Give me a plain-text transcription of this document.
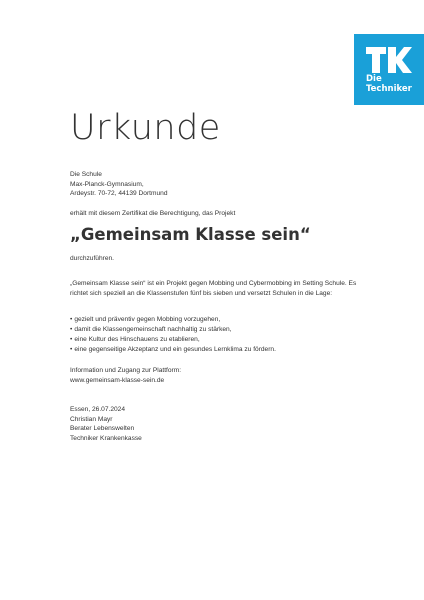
Die
Techniker
Urkunde

Die Schule

Max-Planck-Gymnasium,

Ardeystr. 70-72, 44139 Dortmund

erhält mit diesem Zertifikat die Berechtigung, das Projekt

„Gemeinsam Klasse sein“

durchzuführen.

„Gemeinsam Klasse sein“ ist ein Projekt gegen Mobbing und Cybermobbing im Setting Schule. Es richtet sich speziell an die Klassenstufen fünf bis sieben und versetzt Schulen in die Lage:

• gezielt und präventiv gegen Mobbing vorzugehen,
• damit die Klassengemeinschaft nachhaltig zu stärken,
• eine Kultur des Hinschauens zu etablieren,
• eine gegenseitige Akzeptanz und ein gesundes Lernklima zu fördern.

Information und Zugang zur Plattform:

www.gemeinsam-klasse-sein.de

Essen, 26.07.2024

Christian Mayr

Berater Lebenswelten

Techniker Krankenkasse
